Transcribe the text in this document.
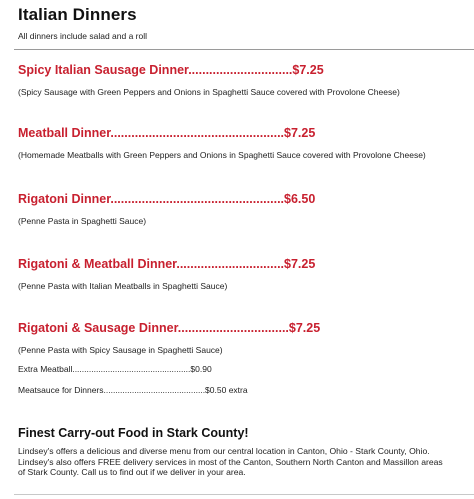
Italian Dinners

All dinners include salad and a roll

Spicy Italian Sausage Dinner..............................$7.25

(Spicy Sausage with Green Peppers and Onions in Spaghetti Sauce covered with Provolone Cheese)

Meatball Dinner..................................................$7.25

(Homemade Meatballs with Green Peppers and Onions in Spaghetti Sauce covered with Provolone Cheese)

Rigatoni Dinner..................................................$6.50

(Penne Pasta in Spaghetti Sauce)

Rigatoni & Meatball Dinner...............................$7.25

(Penne Pasta with Italian Meatballs in Spaghetti Sauce)

Rigatoni & Sausage Dinner................................$7.25

(Penne Pasta with Spicy Sausage in Spaghetti Sauce)

Extra Meatball..................................................$0.90
Meatsauce for Dinners...........................................$0.50 extra
Finest Carry-out Food in Stark County!
Lindsey's offers a delicious and diverse menu from our central location in Canton, Ohio - Stark County, Ohio.
Lindsey's also offers FREE delivery services in most of the Canton, Southern North Canton and Massillon areas
of Stark County. Call us to find out if we deliver in your area.
